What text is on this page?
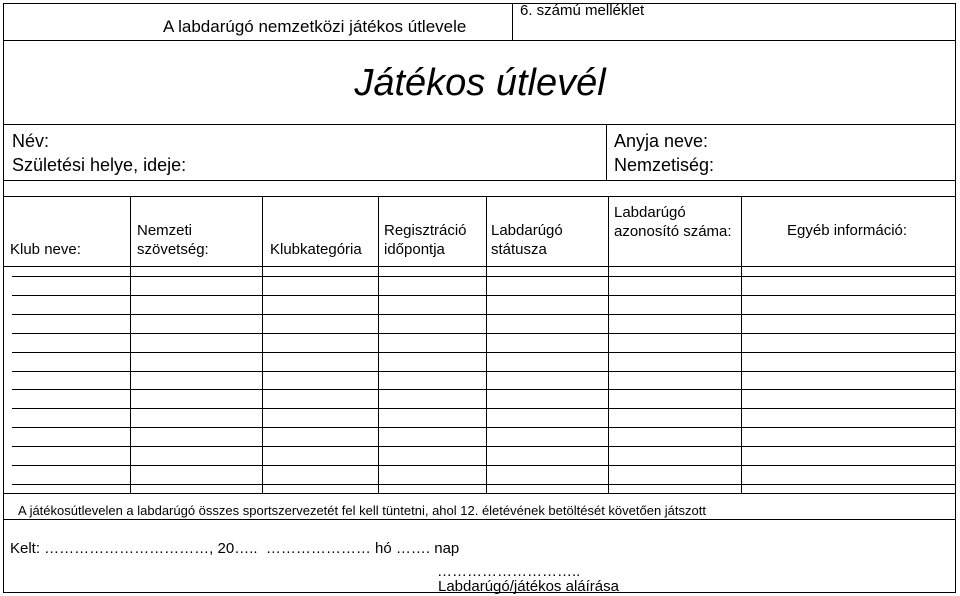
6. számú melléklet
A labdarúgó nemzetközi játékos útlevele
Játékos útlevél
Név:
Születési helye, ideje:
Anyja neve:
Nemzetiség:
Klub neve:
Nemzeti szövetség:	Klubkategória
Regisztráció időpontja
Labdarúgó státusza
Labdarúgó azonosító száma:	Egyéb információ:
A játékosútlevelen a labdarúgó összes sportszervezetét fel kell tüntetni, ahol 12. életévének betöltését követően játszott
Kelt: ……………………………, 20…..  ………………… hó ……. nap
………………………..
Labdarúgó/játékos aláírása
